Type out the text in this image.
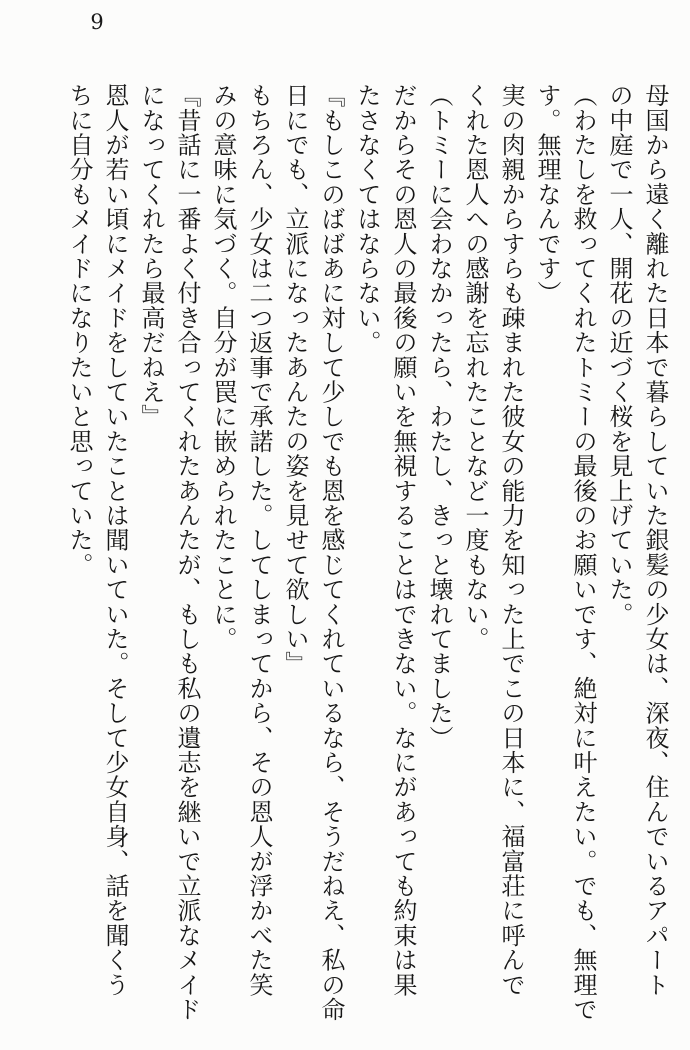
9

母国から遠く離れた日本で暮らしていた銀髪の少女は、深夜、住んでいるアパート

の中庭で一人、開花の近づく桜を見上げていた。

（わたしを救ってくれたトミーの最後のお願いです、絶対に叶えたい。でも、無理で

す。無理なんです）

実の肉親からすらも疎まれた彼女の能力を知った上でこの日本に、福富荘に呼んで

くれた恩人への感謝を忘れたことなど一度もない。

（トミーに会わなかったら、わたし、きっと壊れてました）

だからその恩人の最後の願いを無視することはできない。なにがあっても約束は果

たさなくてはならない。

『もしこのばばあに対して少しでも恩を感じてくれているなら、そうだねえ、私の命

日にでも、立派になったあんたの姿を見せて欲しい』

もちろん、少女は二つ返事で承諾した。してしまってから、その恩人が浮かべた笑

みの意味に気づく。自分が罠に嵌められたことに。

『昔話に一番よく付き合ってくれたあんたが、もしも私の遺志を継いで立派なメイド

になってくれたら最高だねえ』

恩人が若い頃にメイドをしていたことは聞いていた。そして少女自身、話を聞くう

ちに自分もメイドになりたいと思っていた。
